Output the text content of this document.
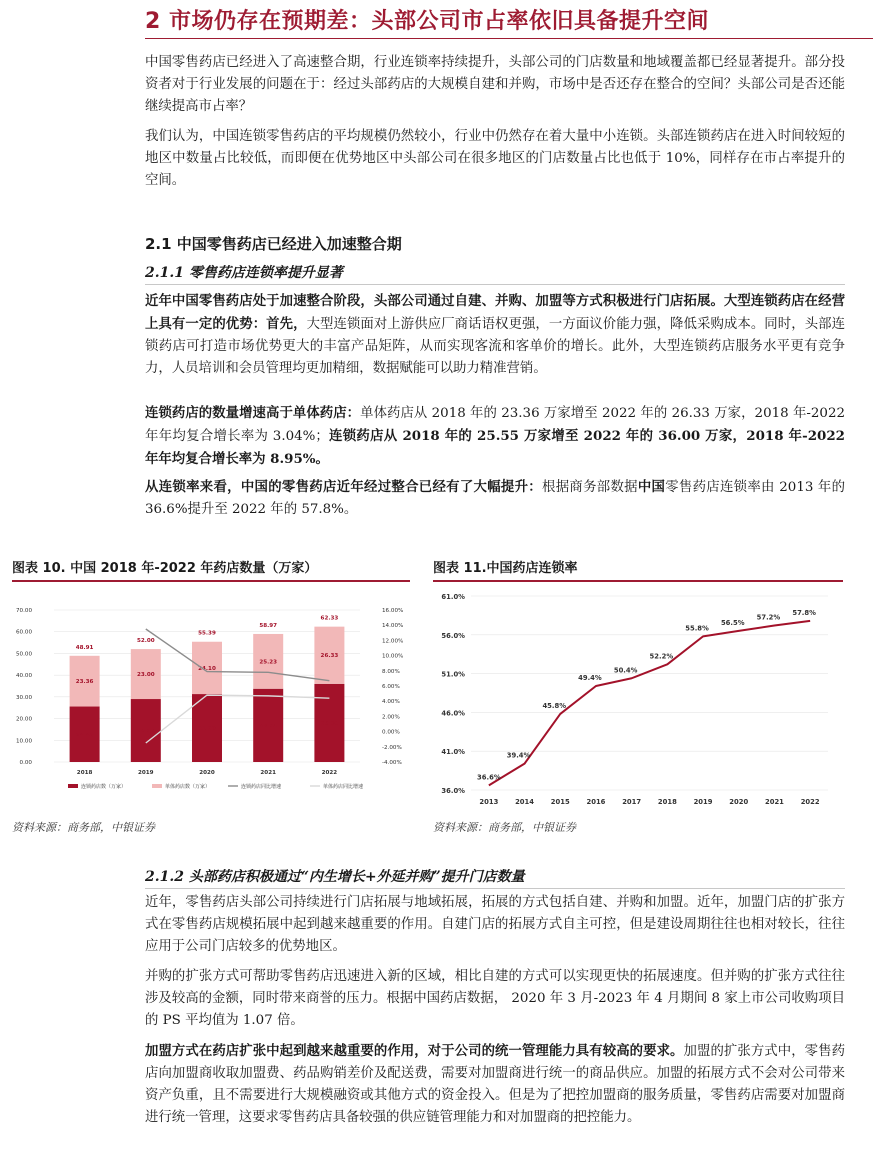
2 市场仍存在预期差：头部公司市占率依旧具备提升空间
中国零售药店已经进入了高速整合期，行业连锁率持续提升，头部公司的门店数量和地域覆盖都已经显著提升。部分投资者对于行业发展的问题在于：经过头部药店的大规模自建和并购，市场中是否还存在整合的空间？头部公司是否还能继续提高市占率？
我们认为，中国连锁零售药店的平均规模仍然较小，行业中仍然存在着大量中小连锁。头部连锁药店在进入时间较短的地区中数量占比较低，而即便在优势地区中头部公司在很多地区的门店数量占比也低于 10%，同样存在市占率提升的空间。
2.1 中国零售药店已经进入加速整合期
2.1.1 零售药店连锁率提升显著
近年中国零售药店处于加速整合阶段，头部公司通过自建、并购、加盟等方式积极进行门店拓展。大型连锁药店在经营上具有一定的优势：首先，大型连锁面对上游供应厂商话语权更强，一方面议价能力强，降低采购成本。同时，头部连锁药店可打造市场优势更大的丰富产品矩阵，从而实现客流和客单价的增长。此外，大型连锁药店服务水平更有竞争力，人员培训和会员管理均更加精细，数据赋能可以助力精准营销。
连锁药店的数量增速高于单体药店：单体药店从 2018 年的 23.36 万家增至 2022 年的 26.33 万家，2018 年-2022 年年均复合增长率为 3.04%；连锁药店从 2018 年的 25.55 万家增至 2022 年的 36.00 万家，2018 年-2022 年年均复合增长率为 8.95%。
从连锁率来看，中国的零售药店近年经过整合已经有了大幅提升：根据商务部数据中国零售药店连锁率由 2013 年的 36.6%提升至 2022 年的 57.8%。
图表 10. 中国 2018 年-2022 年药店数量（万家）
0.00
10.00
20.00
30.00
40.00
50.00
60.00
70.00
-4.00%
-2.00%
0.00%
2.00%
4.00%
6.00%
8.00%
10.00%
12.00%
14.00%
16.00%
25.55
23.36
48.91
29.00
23.00
52.00
31.29
24.10
55.39
33.74
25.23
58.97
36.00
26.33
62.33
2018	2019	2020	2021	2022
连锁药店数（万家）	单体药店数（万家）	连锁药店同比增速	单体药店同比增速
资料来源：商务部，中银证券
图表 11.中国药店连锁率
36.0%
41.0%
46.0%
51.0%
56.0%
61.0%
36.6%
39.4%
45.8%
49.4%
50.4%
52.2%
55.8%
56.5%
57.2%
57.8%
2013 2014 2015 2016 2017 2018 2019 2020 2021 2022
资料来源：商务部，中银证券
2.1.2 头部药店积极通过“内生增长+外延并购”提升门店数量
近年，零售药店头部公司持续进行门店拓展与地域拓展，拓展的方式包括自建、并购和加盟。近年，加盟门店的扩张方式在零售药店规模拓展中起到越来越重要的作用。自建门店的拓展方式自主可控，但是建设周期往往也相对较长，往往应用于公司门店较多的优势地区。
并购的扩张方式可帮助零售药店迅速进入新的区域，相比自建的方式可以实现更快的拓展速度。但并购的扩张方式往往涉及较高的金额，同时带来商誉的压力。根据中国药店数据， 2020 年 3 月-2023 年 4 月期间 8 家上市公司收购项目的 PS 平均值为 1.07 倍。
加盟方式在药店扩张中起到越来越重要的作用，对于公司的统一管理能力具有较高的要求。加盟的扩张方式中，零售药店向加盟商收取加盟费、药品购销差价及配送费，需要对加盟商进行统一的商品供应。加盟的拓展方式不会对公司带来资产负重，且不需要进行大规模融资或其他方式的资金投入。但是为了把控加盟商的服务质量，零售药店需要对加盟商进行统一管理，这要求零售药店具备较强的供应链管理能力和对加盟商的把控能力。
